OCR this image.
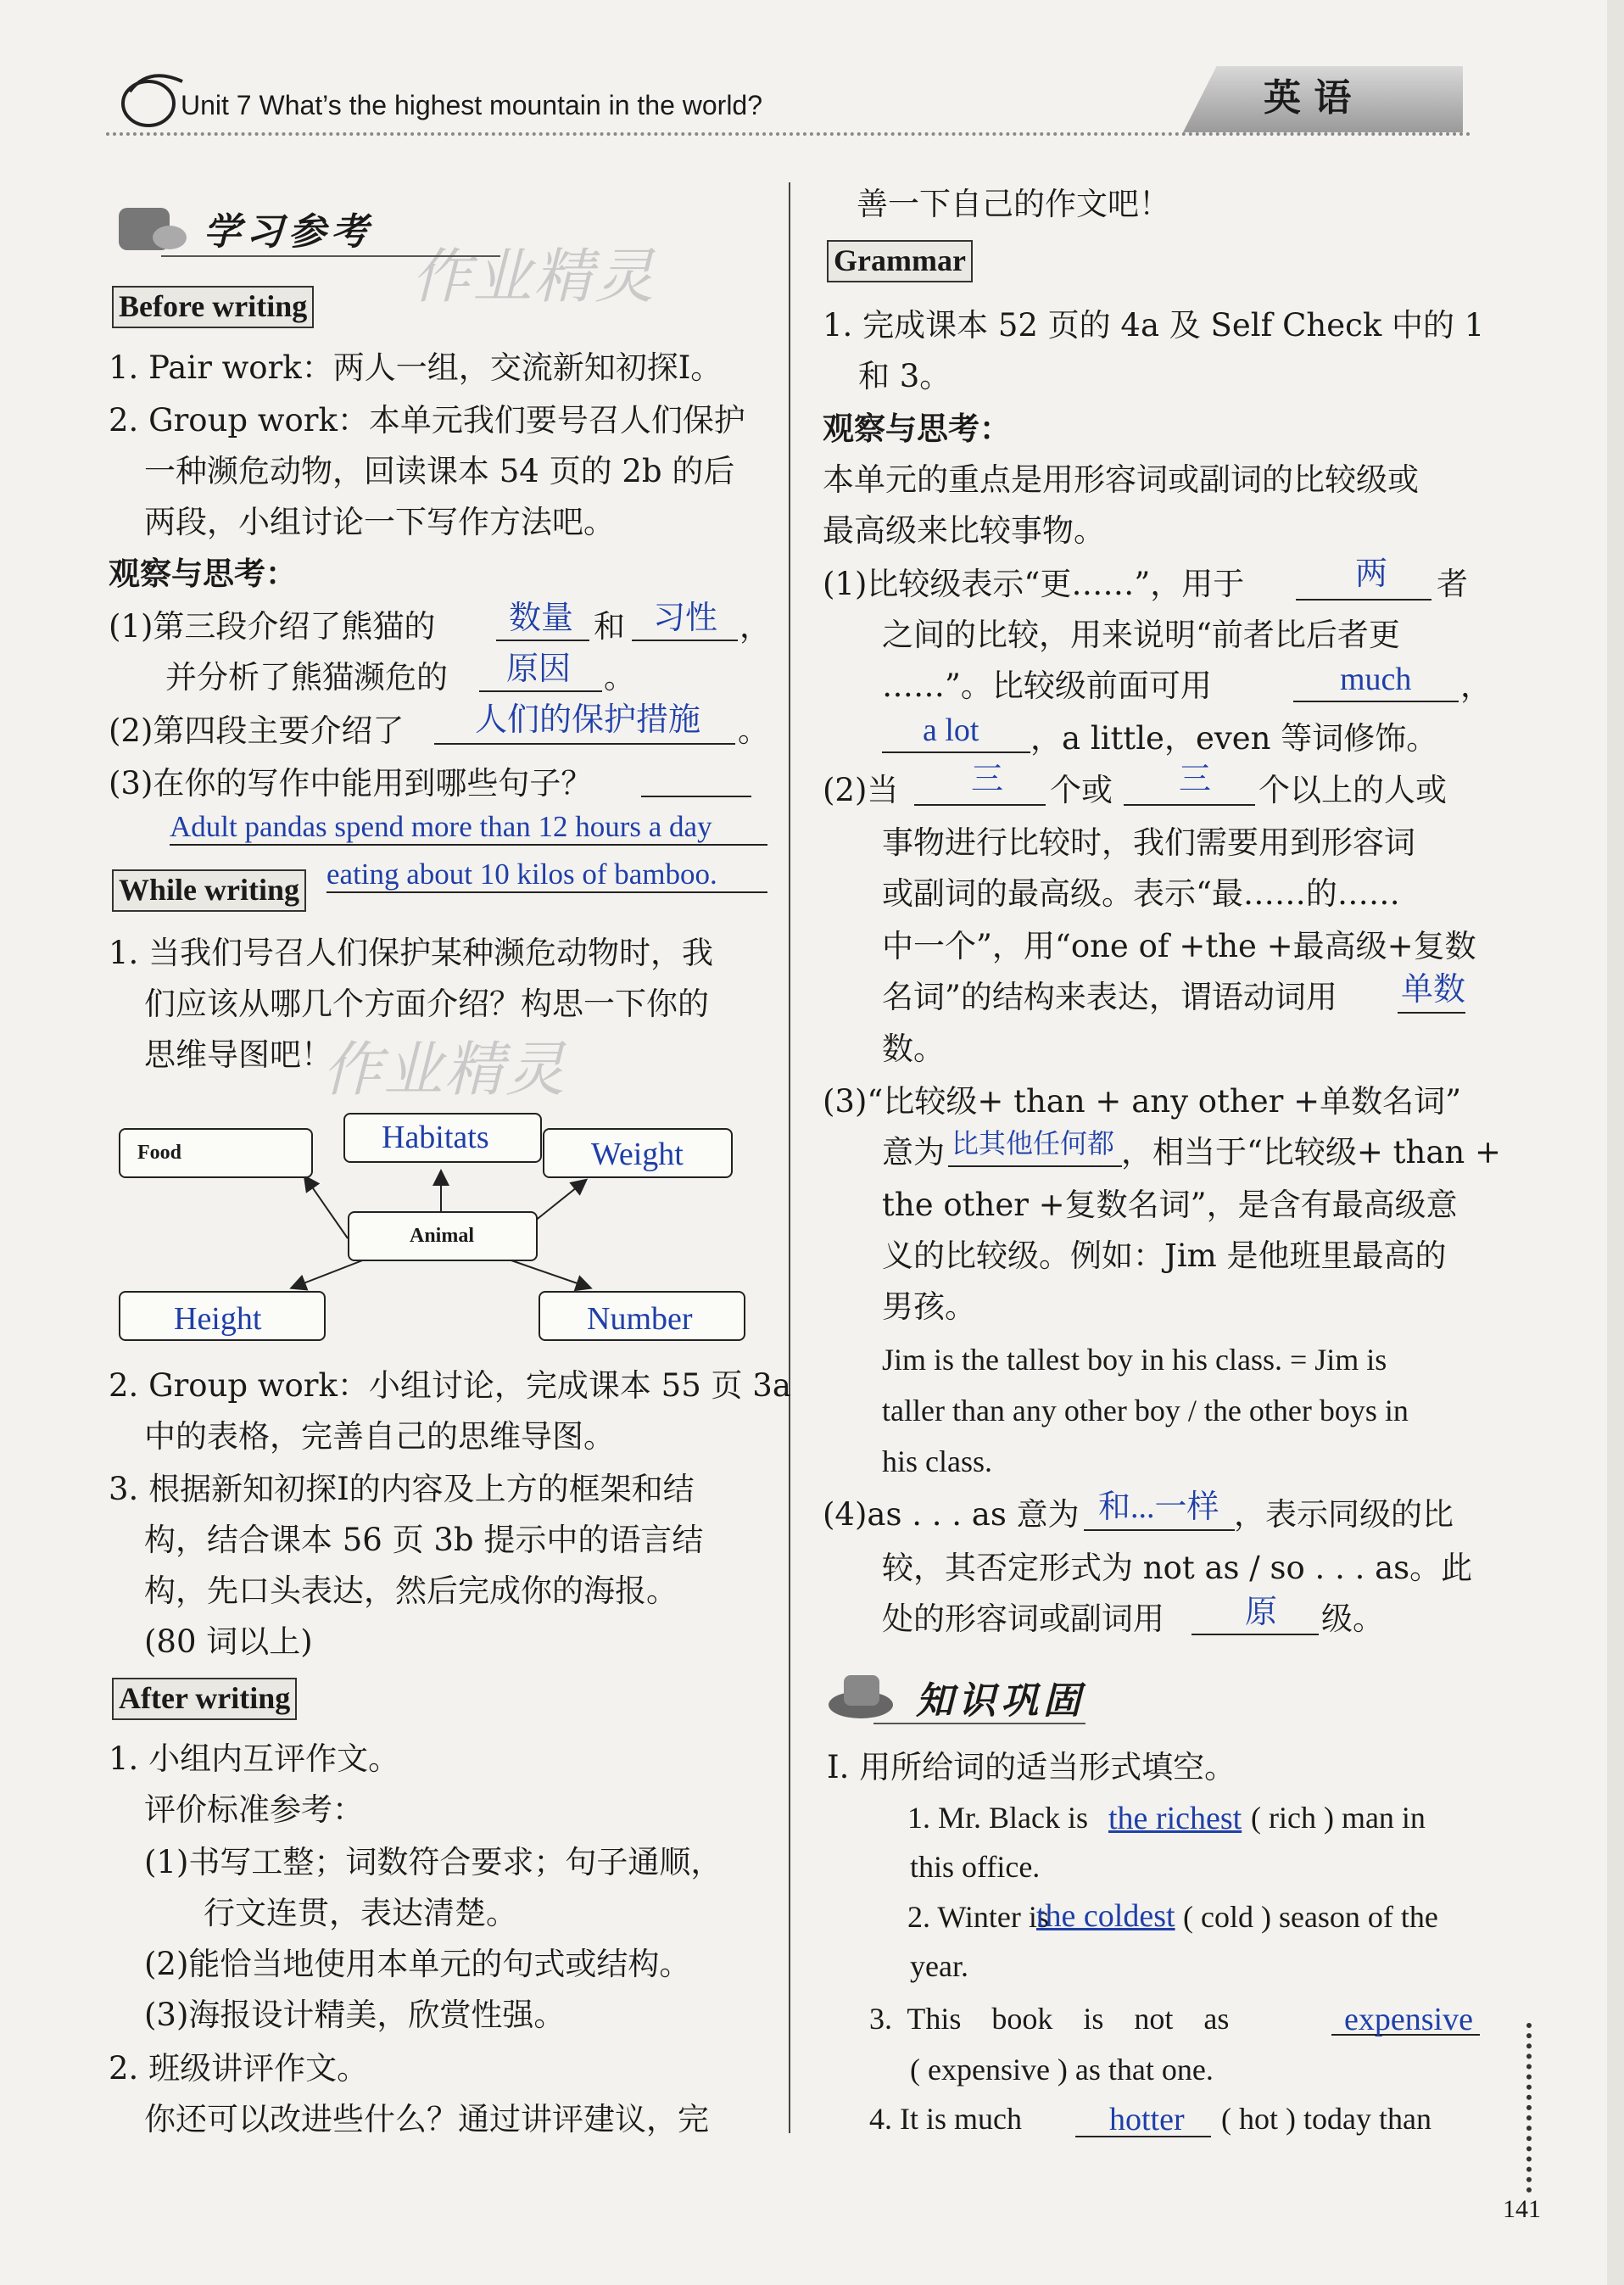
Unit 7 What’s the highest mountain in the world?	英 语
作业精灵
作业精灵
学习参考
Before writing
1. Pair work：两人一组，交流新知初探Ⅰ。
2. Group work：本单元我们要号召人们保护
一种濒危动物，回读课本 54 页的 2b 的后
两段，小组讨论一下写作方法吧。
观察与思考：
(1)第三段介绍了熊猫的 数量 和 习性 ，
并分析了熊猫濒危的 原因 。
(2)第四段主要介绍了 人们的保护措施 。
(3)在你的写作中能用到哪些句子？
Adult pandas spend more than 12 hours a day
eating about 10 kilos of bamboo.
While writing
1. 当我们号召人们保护某种濒危动物时，我
们应该从哪几个方面介绍？构思一下你的
思维导图吧！
Animal
Food	Habitats	Weight
Height	Number
2. Group work：小组讨论，完成课本 55 页 3a
中的表格，完善自己的思维导图。
3. 根据新知初探Ⅰ的内容及上方的框架和结
构，结合课本 56 页 3b 提示中的语言结
构，先口头表达，然后完成你的海报。
(80 词以上)
After writing
1. 小组内互评作文。
评价标准参考：
(1)书写工整；词数符合要求；句子通顺，
行文连贯，表达清楚。
(2)能恰当地使用本单元的句式或结构。
(3)海报设计精美，欣赏性强。
2. 班级讲评作文。
你还可以改进些什么？通过讲评建议，完
善一下自己的作文吧！
Grammar
1. 完成课本 52 页的 4a 及 Self Check 中的 1
和 3。
观察与思考：
本单元的重点是用形容词或副词的比较级或
最高级来比较事物。
(1)比较级表示“更……”，用于	两 者
之间的比较，用来说明“前者比后者更
……”。比较级前面可用	much ，
a lot ，a little，even 等词修饰。
(2)当 三 个或 三 个以上的人或
事物进行比较时，我们需要用到形容词
或副词的最高级。表示“最……的……
中一个”，用“one of +the +最高级+复数
名词”的结构来表达，谓语动词用 单数
数。
(3)“比较级+ than + any other +单数名词”
意为 比其他任何都 ，相当于“比较级+ than +
the other +复数名词”，是含有最高级意
义的比较级。例如：Jim 是他班里最高的
男孩。
Jim is the tallest boy in his class. = Jim is
taller than any other boy / the other boys in
his class.
(4)as . . . as 意为 和...一样 ，表示同级的比
较，其否定形式为 not as / so . . . as。此
处的形容词或副词用	原 级。
知识巩固
Ⅰ. 用所给词的适当形式填空。
1. Mr. Black is the richest ( rich ) man in
this office.
2. Winter is
the coldest ( cold ) season of the
year.
3.  This    book    is    not    as	expensive
( expensive ) as that one.
4. It is much	hotter ( hot ) today than
141
